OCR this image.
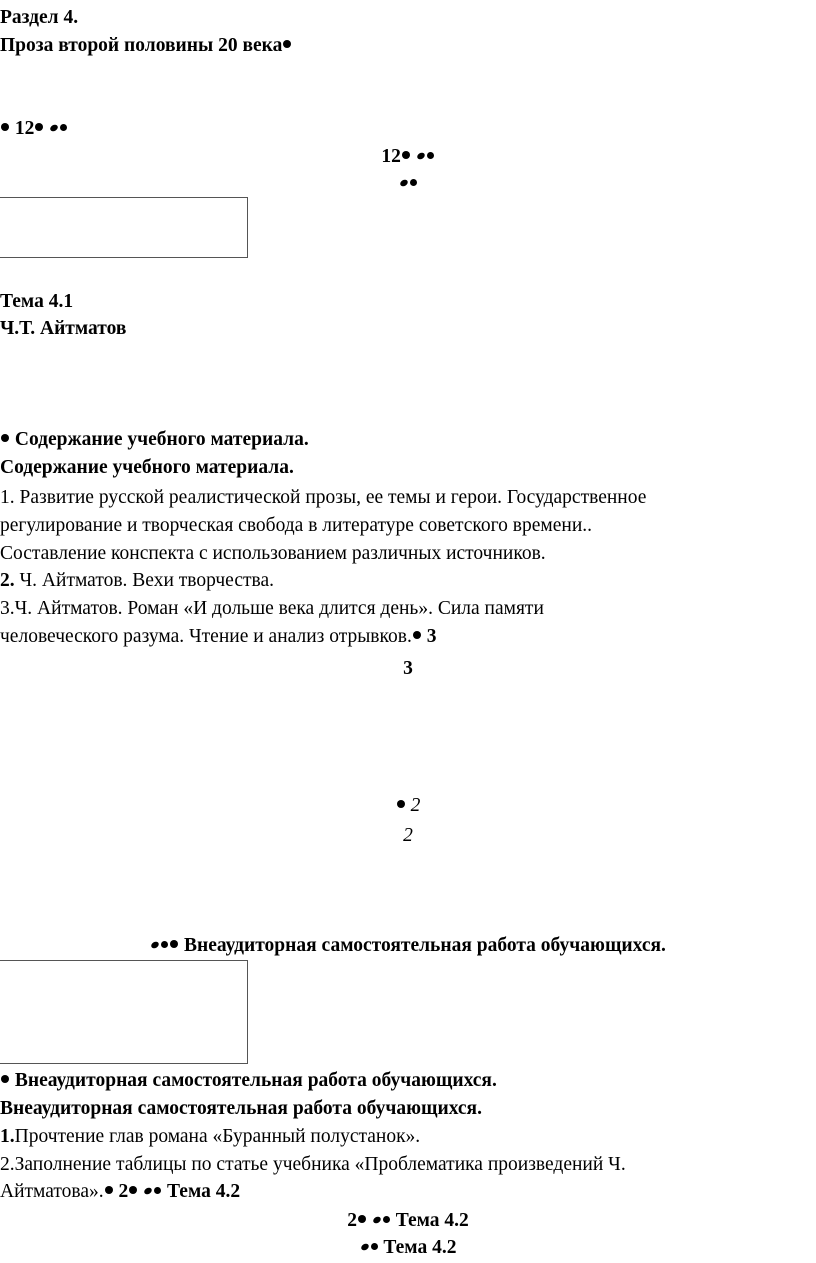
Раздел 4.
Проза второй половины 20 века
12
12
Тема 4.1
Ч.Т. Айтматов
Содержание учебного материала.
Содержание учебного материала.
1. Развитие русской реалистической прозы, ее темы и герои. Государственное
регулирование и творческая свобода в литературе советского времени..
Составление конспекта с использованием различных источников.
2. Ч. Айтматов. Вехи творчества.
3.Ч. Айтматов. Роман «И дольше века длится день». Сила памяти
человеческого разума. Чтение и анализ отрывков. 3
3
2
2
Внеаудиторная самостоятельная работа обучающихся.
Внеаудиторная самостоятельная работа обучающихся.
Внеаудиторная самостоятельная работа обучающихся.
1.Прочтение глав романа «Буранный полустанок».
2.Заполнение таблицы по статье учебника «Проблематика произведений Ч.
Айтматова». 2 Тема 4.2
2 Тема 4.2
Тема 4.2
